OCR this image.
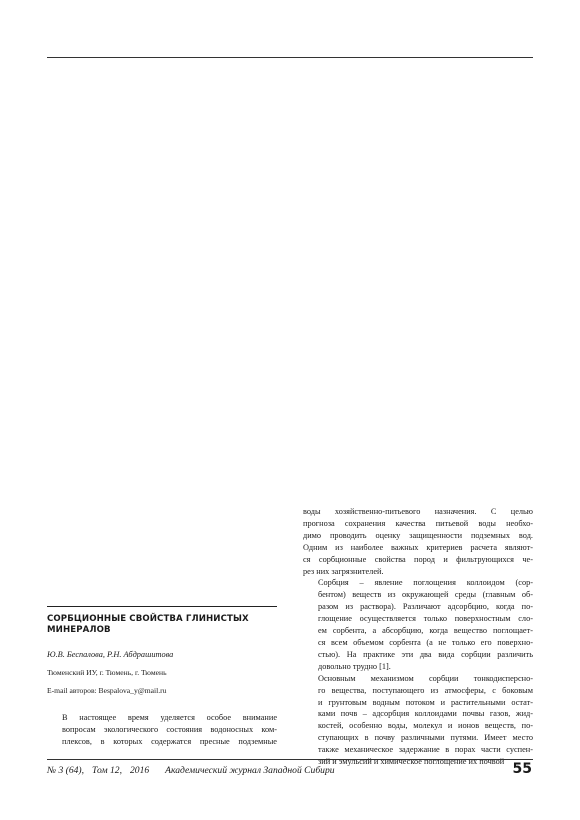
воды хозяйственно-питьевого назначения. С целью
прогноза сохранения качества питьевой воды необхо-
димо проводить оценку защищенности подземных вод.
Одним из наиболее важных критериев расчета являют-
ся сорбционные свойства пород и фильтрующихся че-
рез них загрязнителей.

Сорбция – явление поглощения коллоидом (сор-
бентом) веществ из окружающей среды (главным об-
разом из раствора). Различают адсорбцию, когда по-
глощение осуществляется только поверхностным сло-
ем сорбента, а абсорбцию, когда вещество поглощает-
ся всем объемом сорбента (а не только его поверхно-
стью). На практике эти два вида сорбции различить
довольно трудно [1].

Основным механизмом сорбции тонкодисперсно-
го вещества, поступающего из атмосферы, с боковым
и грунтовым водным потоком и растительными остат-
ками почв – адсорбция коллоидами почвы газов, жид-
костей, особенно воды, молекул и ионов веществ, по-
ступающих в почву различными путями. Имеет место
также механическое задержание в порах части суспен-
зий и эмульсий и химическое поглощение их почвой

СОРБЦИОННЫЕ СВОЙСТВА ГЛИНИСТЫХ
МИНЕРАЛОВ

Ю.В. Беспалова, Р.Н. Абдрашитова

Тюменский ИУ, г. Тюмень, г. Тюмень

E-mail авторов: Bespalova_y@mail.ru

В настоящее время уделяется особое внимание
вопросам экологического состояния водоносных ком-
плексов, в которых содержатся пресные подземные

№ 3 (64), Том 12, 2016 Академический журнал Западной Сибири	55
